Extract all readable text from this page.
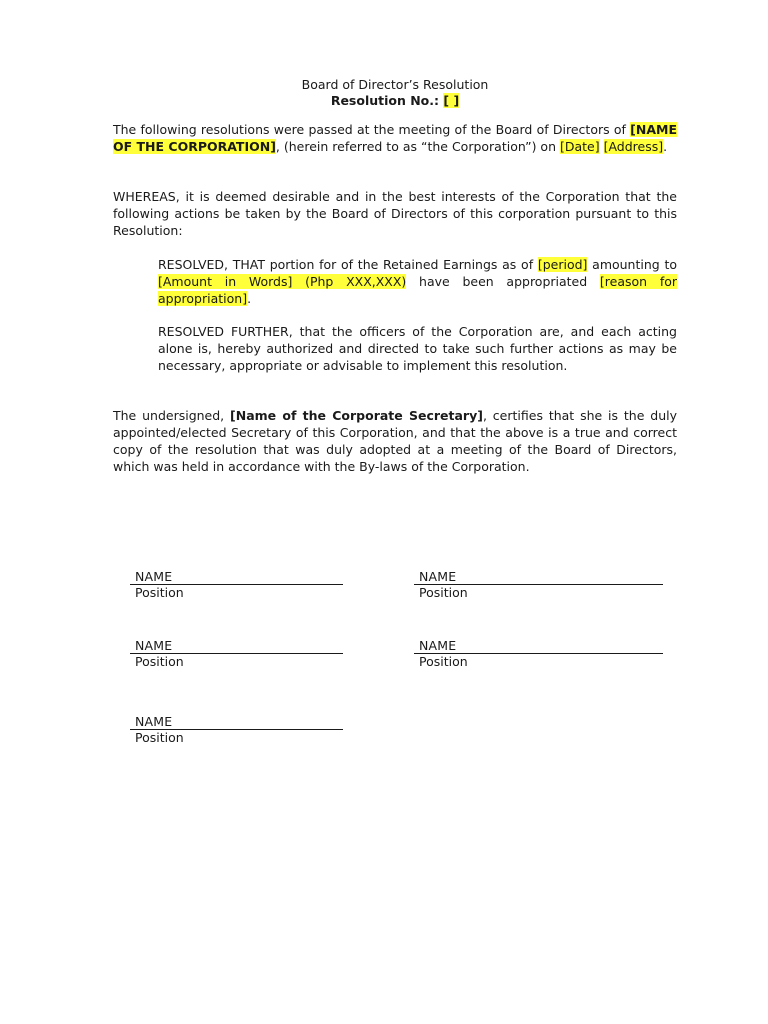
Board of Director’s Resolution
Resolution No.: [ ]

The following resolutions were passed at the meeting of the Board of Directors of [NAME OF THE CORPORATION], (herein referred to as “the Corporation”) on [Date] [Address].

WHEREAS, it is deemed desirable and in the best interests of the Corporation that the following actions be taken by the Board of Directors of this corporation pursuant to this Resolution:

RESOLVED, THAT portion for of the Retained Earnings as of [period] amounting to [Amount in Words] (Php XXX,XXX) have been appropriated [reason for appropriation].

RESOLVED FURTHER, that the officers of the Corporation are, and each acting alone is, hereby authorized and directed to take such further actions as may be necessary, appropriate or advisable to implement this resolution.

The undersigned, [Name of the Corporate Secretary], certifies that she is the duly appointed/elected Secretary of this Corporation, and that the above is a true and correct copy of the resolution that was duly adopted at a meeting of the Board of Directors, which was held in accordance with the By-laws of the Corporation.

NAME
Position
NAME
Position
NAME
Position
NAME
Position
NAME
Position
